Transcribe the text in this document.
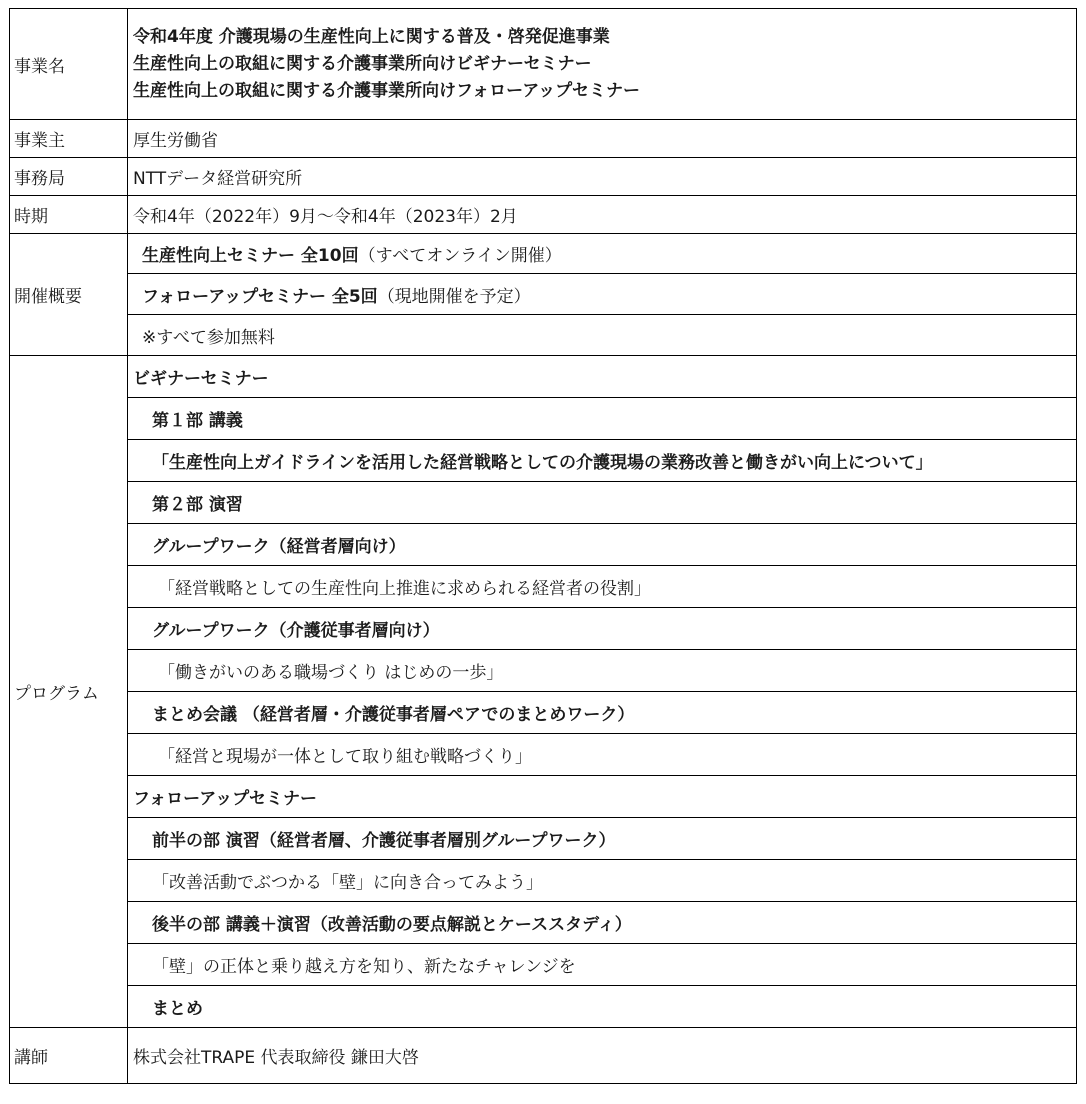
事業名	令和4年度 介護現場の生産性向上に関する普及・啓発促進事業
生産性向上の取組に関する介護事業所向けビギナーセミナー
生産性向上の取組に関する介護事業所向けフォローアップセミナー

事業主	厚生労働省
事務局	NTTデータ経営研究所
時期	令和4年（2022年）9月〜令和4年（2023年）2月
開催概要	生産性向上セミナー 全10回（すべてオンライン開催）
	フォローアップセミナー 全5回（現地開催を予定）
	※すべて参加無料
プログラム	ビギナーセミナー
	第１部 講義
	「生産性向上ガイドラインを活用した経営戦略としての介護現場の業務改善と働きがい向上について」
	第２部 演習
	グループワーク（経営者層向け）
	「経営戦略としての生産性向上推進に求められる経営者の役割」
	グループワーク（介護従事者層向け）
	「働きがいのある職場づくり はじめの一歩」
	まとめ会議 （経営者層・介護従事者層ペアでのまとめワーク）
	「経営と現場が一体として取り組む戦略づくり」
	フォローアップセミナー
	前半の部 演習（経営者層、介護従事者層別グループワーク）
	「改善活動でぶつかる「壁」に向き合ってみよう」
	後半の部 講義＋演習（改善活動の要点解説とケーススタディ）
	「壁」の正体と乗り越え方を知り、新たなチャレンジを
	まとめ
講師	株式会社TRAPE 代表取締役 鎌田大啓
